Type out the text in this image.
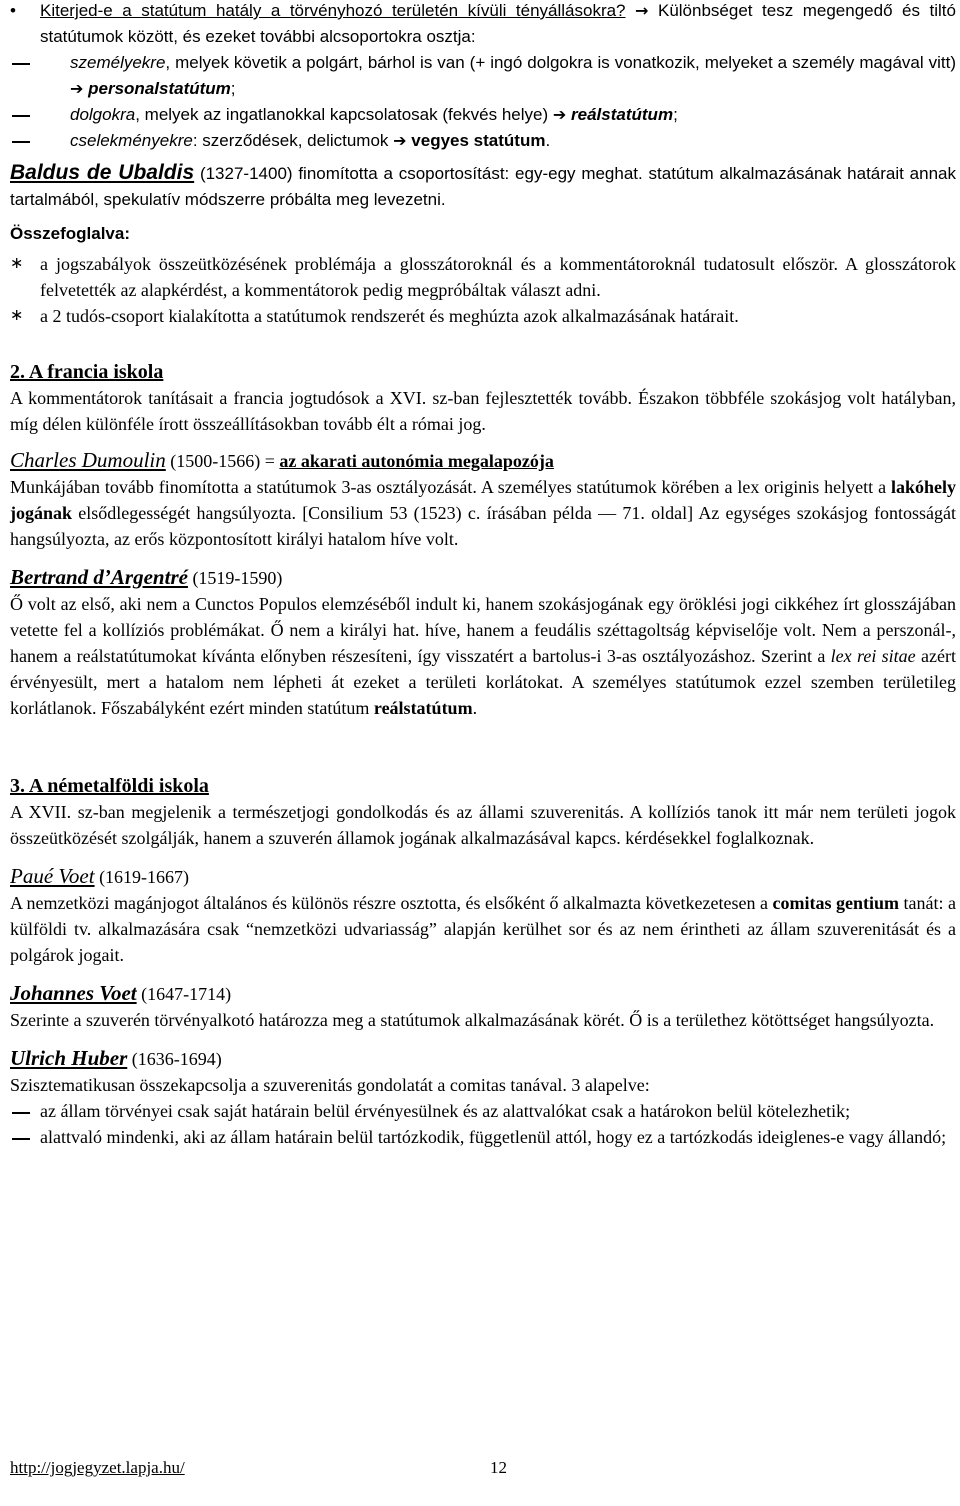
•	Kiterjed-e a statútum hatály a törvényhozó területén kívüli tényállásokra? → Különbséget tesz megengedő és tiltó statútumok között, és ezeket további alcsoportokra osztja:
személyekre, melyek követik a polgárt, bárhol is van (+ ingó dolgokra is vonatkozik, melyeket a személy magával vitt) ➔ personalstatútum;
dolgokra, melyek az ingatlanokkal kapcsolatosak (fekvés helye) ➔ reálstatútum;
cselekményekre: szerződések, delictumok ➔ vegyes statútum.

Baldus de Ubaldis (1327-1400) finomította a csoportosítást: egy-egy meghat. statútum alkalmazásának határait annak tartalmából, spekulatív módszerre próbálta meg levezetni.

Összefoglalva:
∗ a jogszabályok összeütközésének problémája a glosszátoroknál és a kommentátoroknál tudatosult először. A glosszátorok felvetették az alapkérdést, a kommentátorok pedig megpróbáltak választ adni.
∗ a 2 tudós-csoport kialakította a statútumok rendszerét és meghúzta azok alkalmazásának határait.
2. A francia iskola

A kommentátorok tanításait a francia jogtudósok a XVI. sz-ban fejlesztették tovább. Északon többféle szokásjog volt hatályban, míg délen különféle írott összeállításokban tovább élt a római jog.

Charles Dumoulin (1500-1566) = az akarati autonómia megalapozója

Munkájában tovább finomította a statútumok 3-as osztályozását. A személyes statútumok körében a lex originis helyett a lakóhely jogának elsődlegességét hangsúlyozta. [Consilium 53 (1523) c. írásában példa — 71. oldal] Az egységes szokásjog fontosságát hangsúlyozta, az erős központosított királyi hatalom híve volt.

Bertrand d’Argentré (1519-1590)

Ő volt az első, aki nem a Cunctos Populos elemzéséből indult ki, hanem szokásjogának egy öröklési jogi cikkéhez írt glosszájában vetette fel a kollíziós problémákat. Ő nem a királyi hat. híve, hanem a feudális széttagoltság képviselője volt. Nem a perszonál-, hanem a reálstatútumokat kívánta előnyben részesíteni, így visszatért a bartolus-i 3-as osztályozáshoz. Szerint a lex rei sitae azért érvényesült, mert a hatalom nem lépheti át ezeket a területi korlátokat. A személyes statútumok ezzel szemben területileg korlátlanok. Főszabályként ezért minden statútum reálstatútum.

3. A németalföldi iskola

A XVII. sz-ban megjelenik a természetjogi gondolkodás és az állami szuverenitás. A kollíziós tanok itt már nem területi jogok összeütközését szolgálják, hanem a szuverén államok jogának alkalmazásával kapcs. kérdésekkel foglalkoznak.

Paué Voet (1619-1667)

A nemzetközi magánjogot általános és különös részre osztotta, és elsőként ő alkalmazta következetesen a comitas gentium tanát: a külföldi tv. alkalmazására csak “nemzetközi udvariasság” alapján kerülhet sor és az nem érintheti az állam szuverenitását és a polgárok jogait.

Johannes Voet (1647-1714)

Szerinte a szuverén törvényalkotó határozza meg a statútumok alkalmazásának körét. Ő is a területhez kötöttséget hangsúlyozta.

Ulrich Huber (1636-1694)

Szisztematikusan összekapcsolja a szuverenitás gondolatát a comitas tanával. 3 alapelve:

az állam törvényei csak saját határain belül érvényesülnek és az alattvalókat csak a határokon belül kötelezhetik;
alattvaló mindenki, aki az állam határain belül tartózkodik, függetlenül attól, hogy ez a tartózkodás ideiglenes-e vagy állandó;
http://jogjegyzet.lapja.hu/	12
